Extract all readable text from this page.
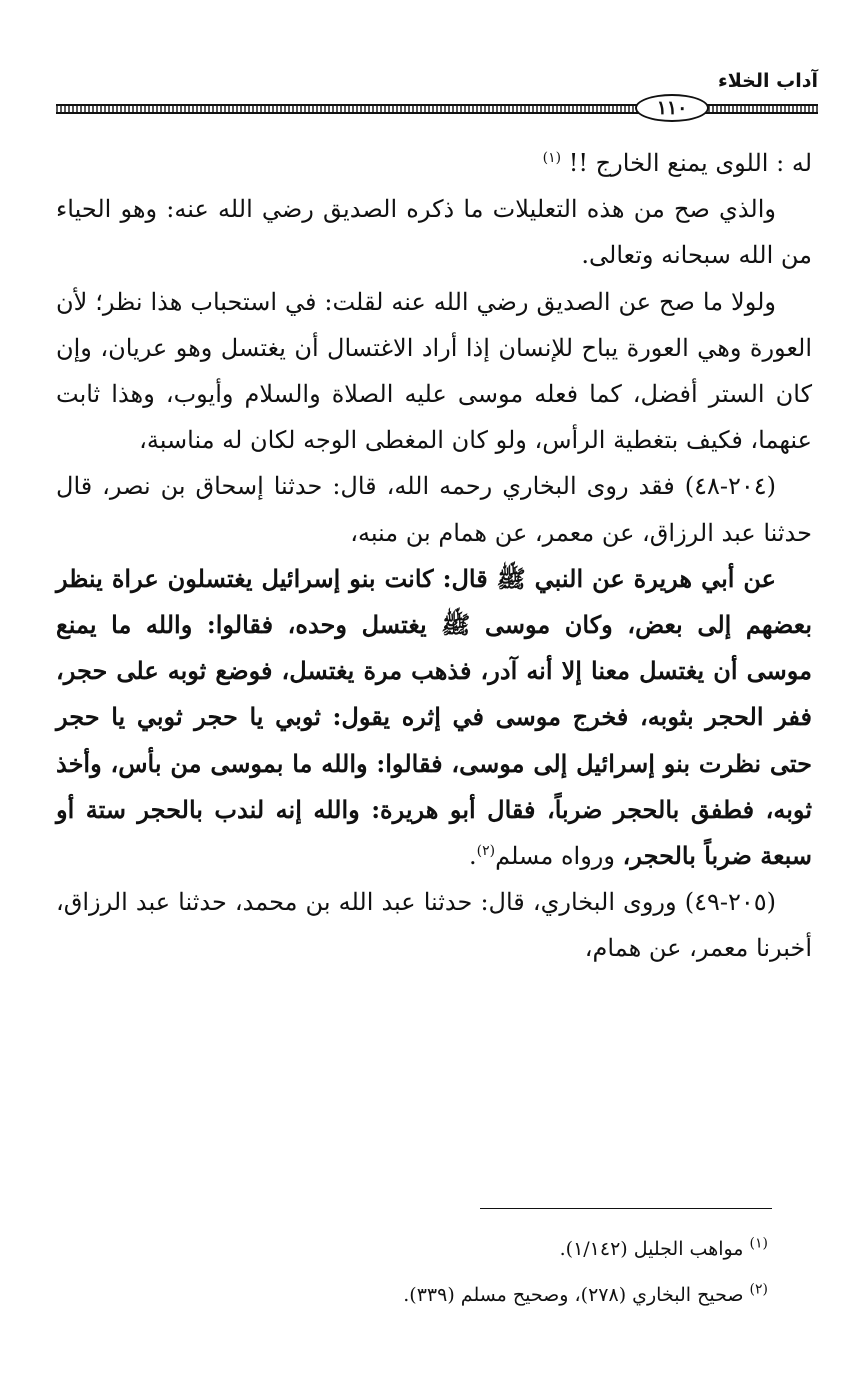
آداب الخلاء
١١٠

له : اللوى يمنع الخارج !! $^{(١)}$

والذي صح من هذه التعليلات ما ذكره الصديق رضي الله عنه: وهو الحياء من الله سبحانه وتعالى.

ولولا ما صح عن الصديق رضي الله عنه لقلت: في استحباب هذا نظر؛ لأن العورة وهي العورة يباح للإنسان إذا أراد الاغتسال أن يغتسل وهو عريان، وإن كان الستر أفضل، كما فعله موسى عليه الصلاة والسلام وأيوب، وهذا ثابت عنهما، فكيف بتغطية الرأس، ولو كان المغطى الوجه لكان له مناسبة،

(٢٠٤-٤٨) فقد روى البخاري رحمه الله، قال: حدثنا إسحاق بن نصر، قال حدثنا عبد الرزاق، عن معمر، عن همام بن منبه،

عن أبي هريرة عن النبي ﷺ قال: كانت بنو إسرائيل يغتسلون عراة ينظر بعضهم إلى بعض، وكان موسى ﷺ يغتسل وحده، فقالوا: والله ما يمنع موسى أن يغتسل معنا إلا أنه آدر، فذهب مرة يغتسل، فوضع ثوبه على حجر، ففر الحجر بثوبه، فخرج موسى في إثره يقول: ثوبي يا حجر ثوبي يا حجر حتى نظرت بنو إسرائيل إلى موسى، فقالوا: والله ما بموسى من بأس، وأخذ ثوبه، فطفق بالحجر ضرباً، فقال أبو هريرة: والله إنه لندب بالحجر ستة أو سبعة ضرباً بالحجر، ورواه مسلم$^{(٢)}$.

(٢٠٥-٤٩) وروى البخاري، قال: حدثنا عبد الله بن محمد، حدثنا عبد الرزاق، أخبرنا معمر، عن همام،

$^{(١)}$ مواهب الجليل (١/١٤٢).

$^{(٢)}$ صحيح البخاري (٢٧٨)، وصحيح مسلم (٣٣٩).
